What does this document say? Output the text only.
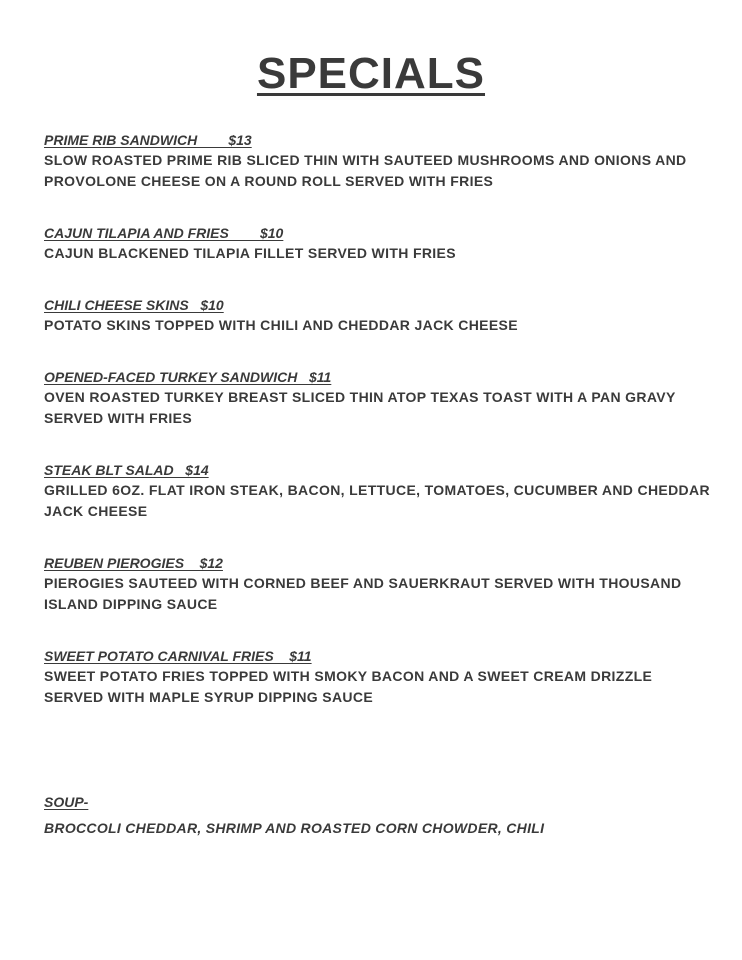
SPECIALS
PRIME RIB SANDWICH        $13

SLOW ROASTED PRIME RIB SLICED THIN WITH SAUTEED MUSHROOMS AND ONIONS AND PROVOLONE CHEESE ON A ROUND ROLL SERVED WITH FRIES

CAJUN TILAPIA AND FRIES        $10

CAJUN BLACKENED TILAPIA FILLET SERVED WITH FRIES

CHILI CHEESE SKINS   $10

POTATO SKINS TOPPED WITH CHILI AND CHEDDAR JACK CHEESE

OPENED-FACED TURKEY SANDWICH   $11

OVEN ROASTED TURKEY BREAST SLICED THIN ATOP TEXAS TOAST WITH A PAN GRAVY SERVED WITH FRIES

STEAK BLT SALAD   $14

GRILLED 6OZ. FLAT IRON STEAK, BACON, LETTUCE, TOMATOES, CUCUMBER AND CHEDDAR JACK CHEESE

REUBEN PIEROGIES    $12

PIEROGIES SAUTEED WITH CORNED BEEF AND SAUERKRAUT SERVED WITH THOUSAND ISLAND DIPPING SAUCE

SWEET POTATO CARNIVAL FRIES    $11

SWEET POTATO FRIES TOPPED WITH SMOKY BACON AND A SWEET CREAM DRIZZLE SERVED WITH MAPLE SYRUP DIPPING SAUCE

SOUP-
BROCCOLI CHEDDAR, SHRIMP AND ROASTED CORN CHOWDER, CHILI
